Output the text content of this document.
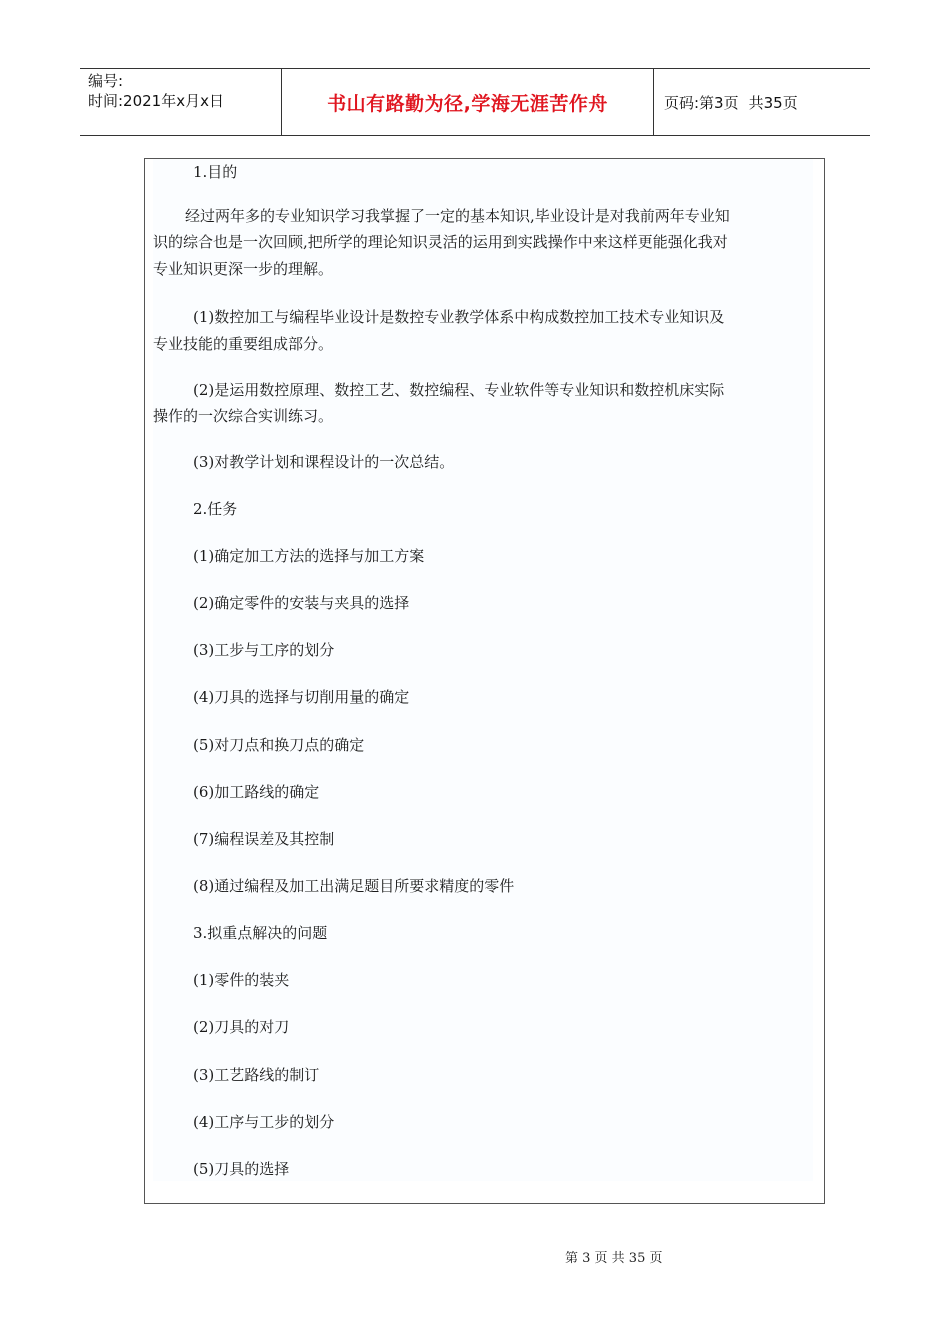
编号:
时间:2021年x月x日	书山有路勤为径,学海无涯苦作舟	页码:第3页 共35页
1.目的
经过两年多的专业知识学习我掌握了一定的基本知识,毕业设计是对我前两年专业知
识的综合也是一次回顾,把所学的理论知识灵活的运用到实践操作中来这样更能强化我对
专业知识更深一步的理解。
(1)数控加工与编程毕业设计是数控专业教学体系中构成数控加工技术专业知识及
专业技能的重要组成部分。
(2)是运用数控原理、数控工艺、数控编程、专业软件等专业知识和数控机床实际
操作的一次综合实训练习。
(3)对教学计划和课程设计的一次总结。
2.任务
(1)确定加工方法的选择与加工方案
(2)确定零件的安装与夹具的选择
(3)工步与工序的划分
(4)刀具的选择与切削用量的确定
(5)对刀点和换刀点的确定
(6)加工路线的确定
(7)编程误差及其控制
(8)通过编程及加工出满足题目所要求精度的零件
3.拟重点解决的问题
(1)零件的装夹
(2)刀具的对刀
(3)工艺路线的制订
(4)工序与工步的划分
(5)刀具的选择
第 3 页 共 35 页
